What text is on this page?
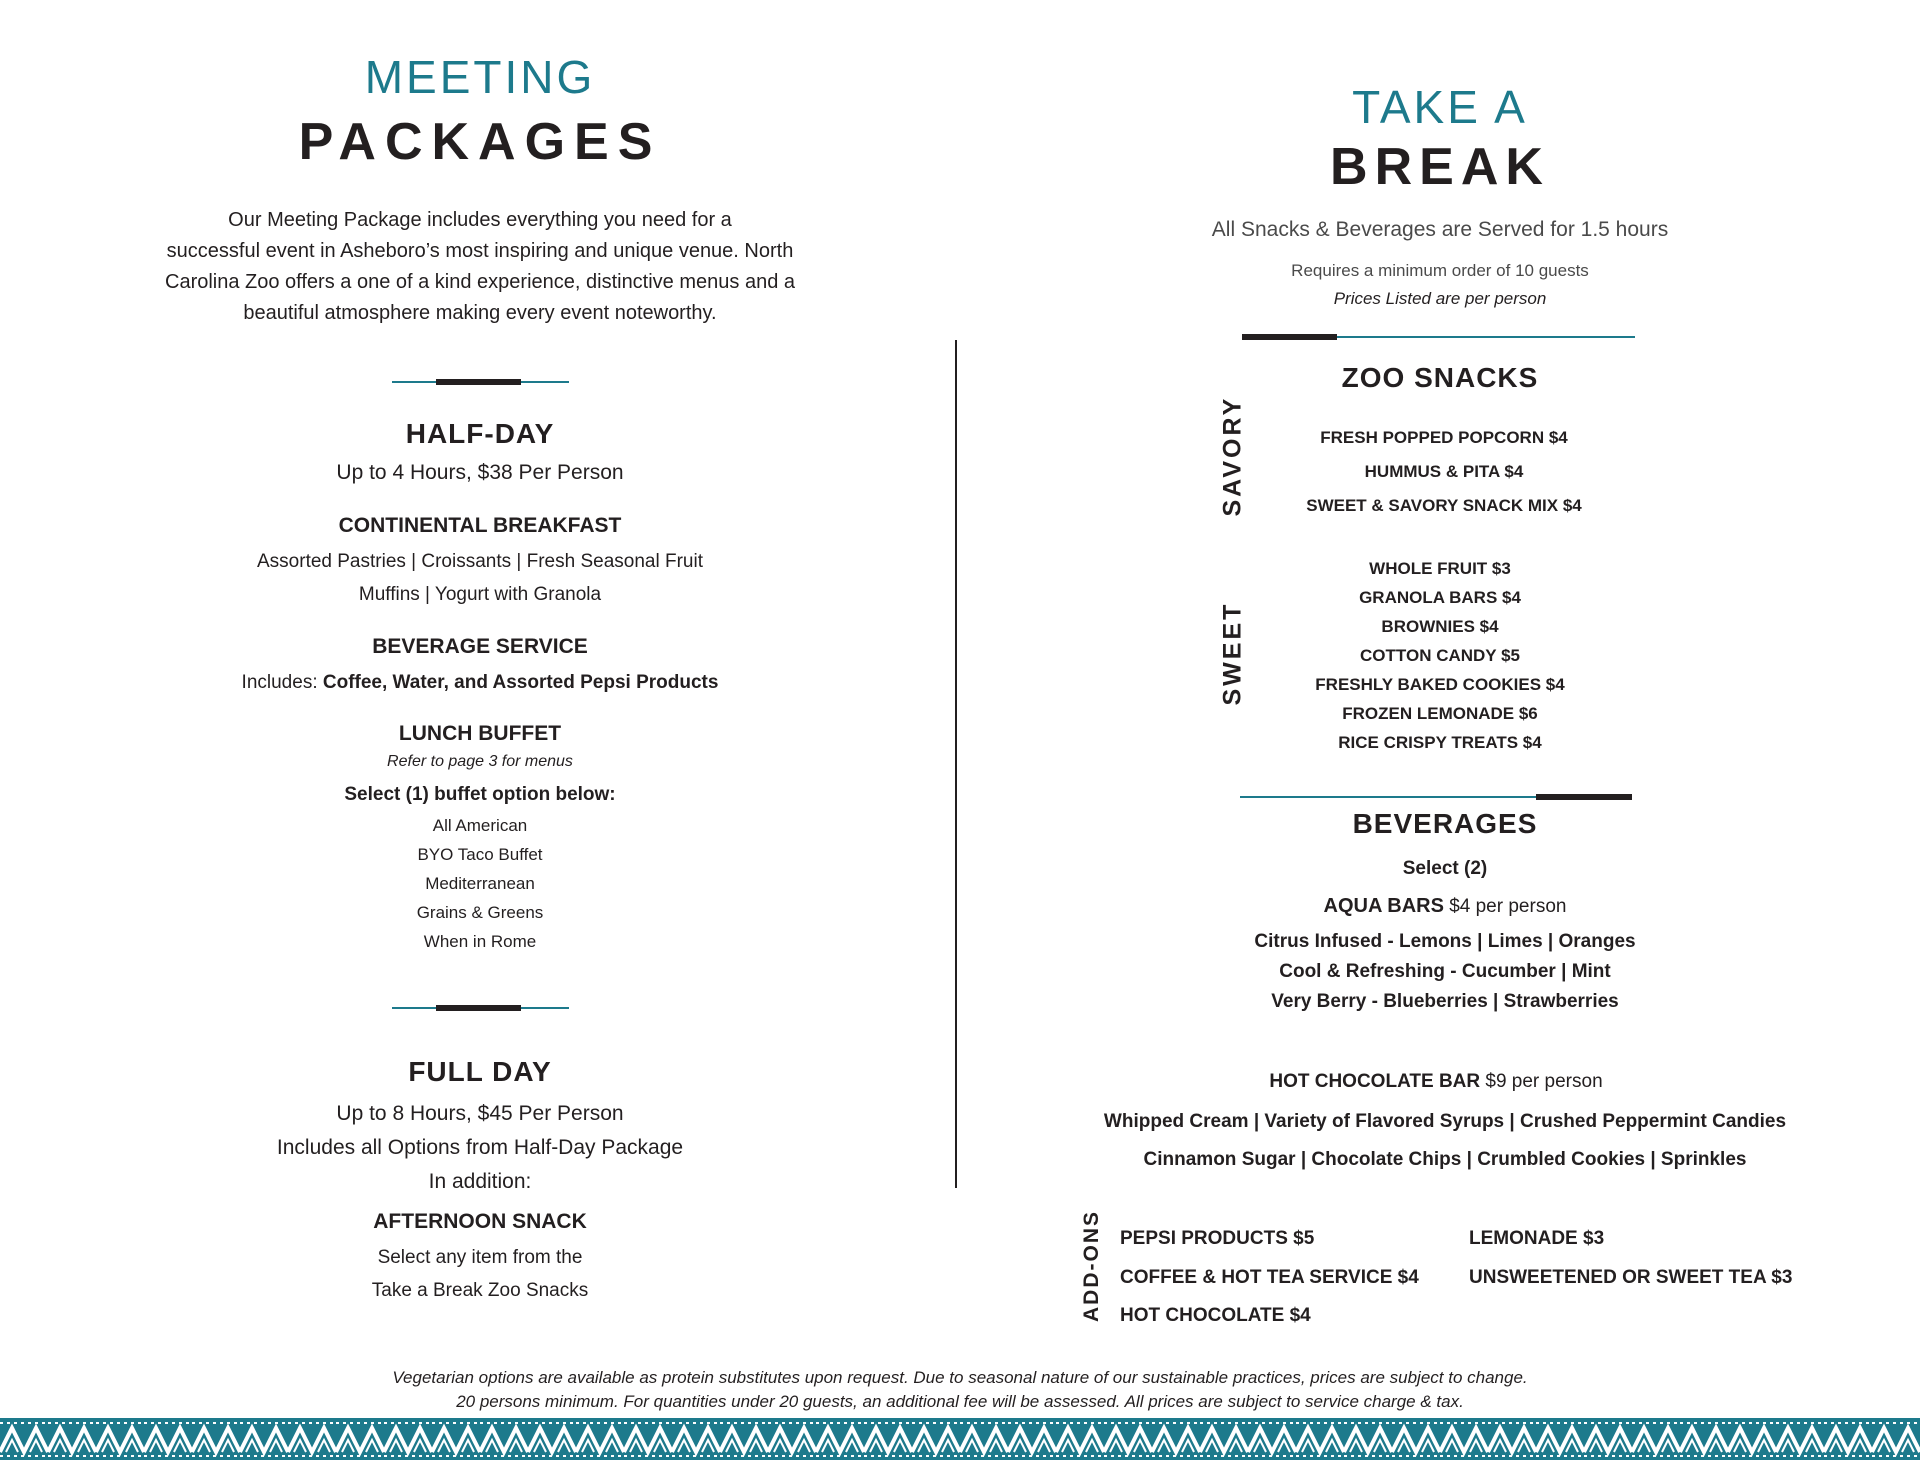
MEETING
PACKAGES
Our Meeting Package includes everything you need for a
successful event in Asheboro’s most inspiring and unique venue. North
Carolina Zoo offers a one of a kind experience, distinctive menus and a
beautiful atmosphere making every event noteworthy.
HALF-DAY
Up to 4 Hours, $38 Per Person
CONTINENTAL BREAKFAST
Assorted Pastries | Croissants | Fresh Seasonal Fruit
Muffins | Yogurt with Granola
BEVERAGE SERVICE
Includes: Coffee, Water, and Assorted Pepsi Products
LUNCH BUFFET
Refer to page 3 for menus
Select (1) buffet option below:
All American
BYO Taco Buffet
Mediterranean
Grains & Greens
When in Rome
FULL DAY
Up to 8 Hours, $45 Per Person
Includes all Options from Half-Day Package
In addition:
AFTERNOON SNACK
Select any item from the
Take a Break Zoo Snacks
TAKE A
BREAK
All Snacks & Beverages are Served for 1.5 hours
Requires a minimum order of 10 guests
Prices Listed are per person
ZOO SNACKS
SAVORY	FRESH POPPED POPCORN $4
HUMMUS & PITA $4
SWEET & SAVORY SNACK MIX $4
SWEET
WHOLE FRUIT $3
GRANOLA BARS $4
BROWNIES $4
COTTON CANDY $5
FRESHLY BAKED COOKIES $4
FROZEN LEMONADE $6
RICE CRISPY TREATS $4
BEVERAGES
Select (2)
AQUA BARS $4 per person
Citrus Infused - Lemons | Limes | Oranges
Cool & Refreshing - Cucumber | Mint
Very Berry - Blueberries | Strawberries
HOT CHOCOLATE BAR $9 per person
Whipped Cream | Variety of Flavored Syrups | Crushed Peppermint Candies
Cinnamon Sugar | Chocolate Chips | Crumbled Cookies | Sprinkles
ADD-ONS PEPSI PRODUCTS $5
COFFEE & HOT TEA SERVICE $4
HOT CHOCOLATE $4
LEMONADE $3
UNSWEETENED OR SWEET TEA $3
Vegetarian options are available as protein substitutes upon request. Due to seasonal nature of our sustainable practices, prices are subject to change.
20 persons minimum. For quantities under 20 guests, an additional fee will be assessed. All prices are subject to service charge & tax.
